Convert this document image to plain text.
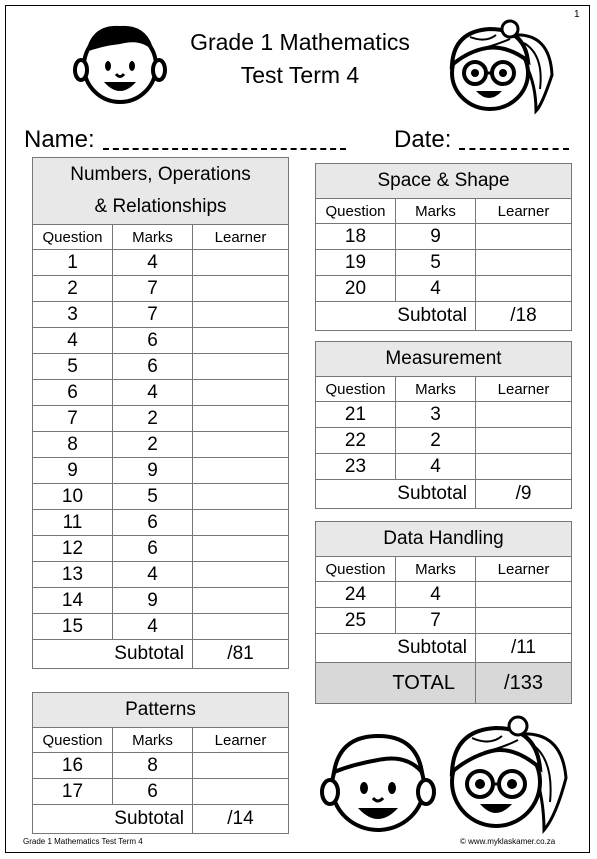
1
Grade 1 Mathematics
Test Term 4
Name:	Date:
Numbers, Operations
& Relationships		
Question	Marks	Learner
1	4	
2	7	
3	7	
4	6	
5	6	
6	4	
7	2	
8	2	
9	9	
10	5	
11	6	
12	6	
13	4	
14	9	
15	4	
Subtotal		/81
Patterns		
Question	Marks	Learner
16	8	
17	6	
Subtotal		/14
Space & Shape		
Question	Marks	Learner
18	9	
19	5	
20	4	
Subtotal		/18
Measurement		
Question	Marks	Learner
21	3	
22	2	
23	4	
Subtotal		/9
Data Handling		
Question	Marks	Learner
24	4	
25	7	
Subtotal		/11
TOTAL		/133
Grade 1 Mathematics Test Term 4	© www.myklaskamer.co.za
